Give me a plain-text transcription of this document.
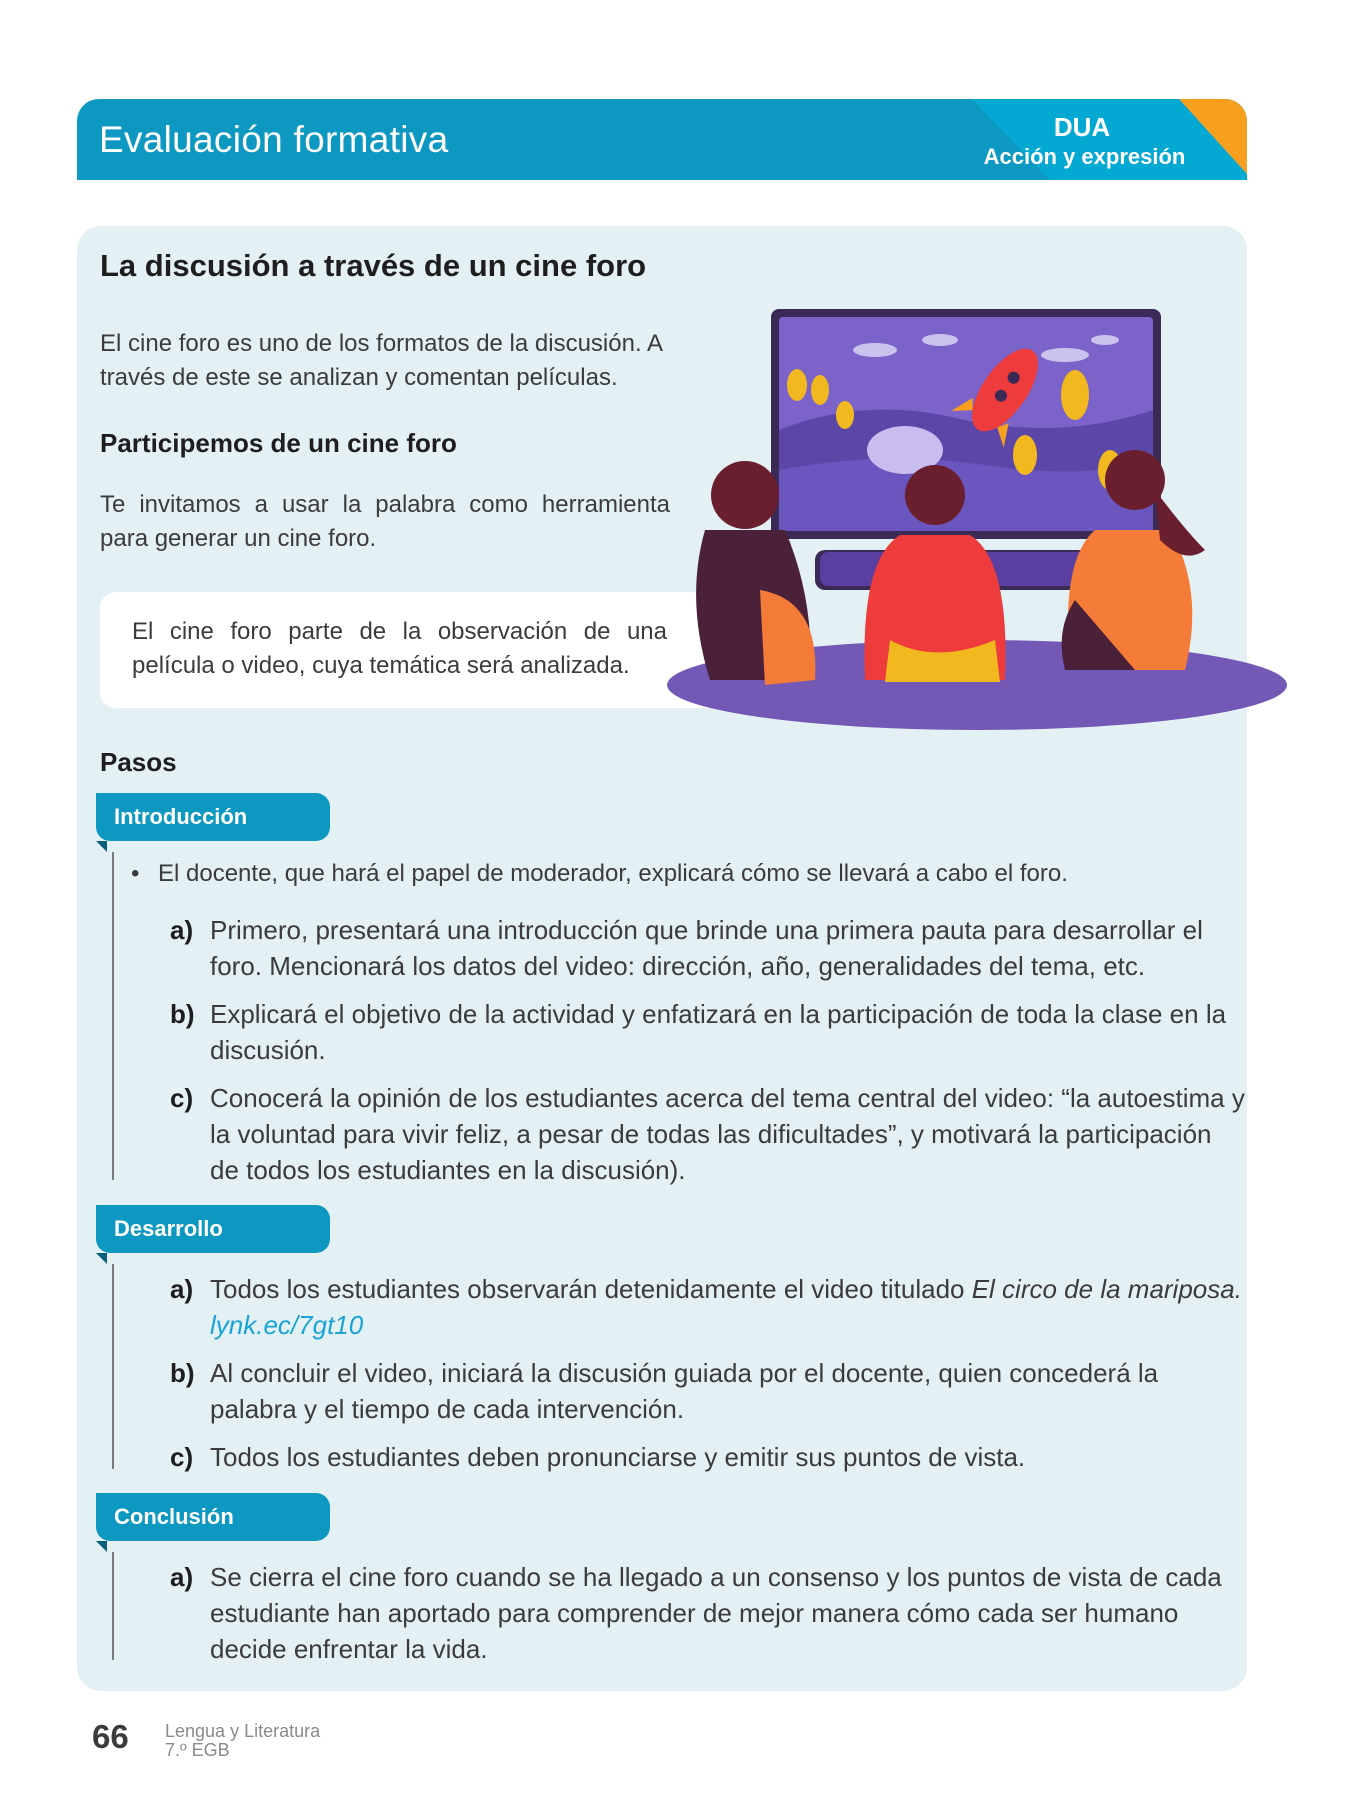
Evaluación formativa	DUA
Acción y expresión
La discusión a través de un cine foro
El cine foro es uno de los formatos de la discusión. A través de este se analizan y comentan películas.
Participemos de un cine foro
Te invitamos a usar la palabra como herramienta para generar un cine foro.
El cine foro parte de la observación de una película o video, cuya temática será analizada.
Pasos
Introducción
• El docente, que hará el papel de moderador, explicará cómo se llevará a cabo el foro.
a) Primero, presentará una introducción que brinde una primera pauta para desarrollar el foro. Mencionará los datos del video: dirección, año, generalidades del tema, etc.
b) Explicará el objetivo de la actividad y enfatizará en la participación de toda la clase en la discusión.
c) Conocerá la opinión de los estudiantes acerca del tema central del video: “la autoestima y la voluntad para vivir feliz, a pesar de todas las dificultades”, y motivará la participación de todos los estudiantes en la discusión).
Desarrollo
a) Todos los estudiantes observarán detenidamente el video titulado El circo de la mariposa. lynk.ec/7gt10
b) Al concluir el video, iniciará la discusión guiada por el docente, quien concederá la palabra y el tiempo de cada intervención.
c) Todos los estudiantes deben pronunciarse y emitir sus puntos de vista.
Conclusión
a) Se cierra el cine foro cuando se ha llegado a un consenso y los puntos de vista de cada estudiante han aportado para comprender de mejor manera cómo cada ser humano decide enfrentar la vida.
66 Lengua y Literatura
7.º EGB
